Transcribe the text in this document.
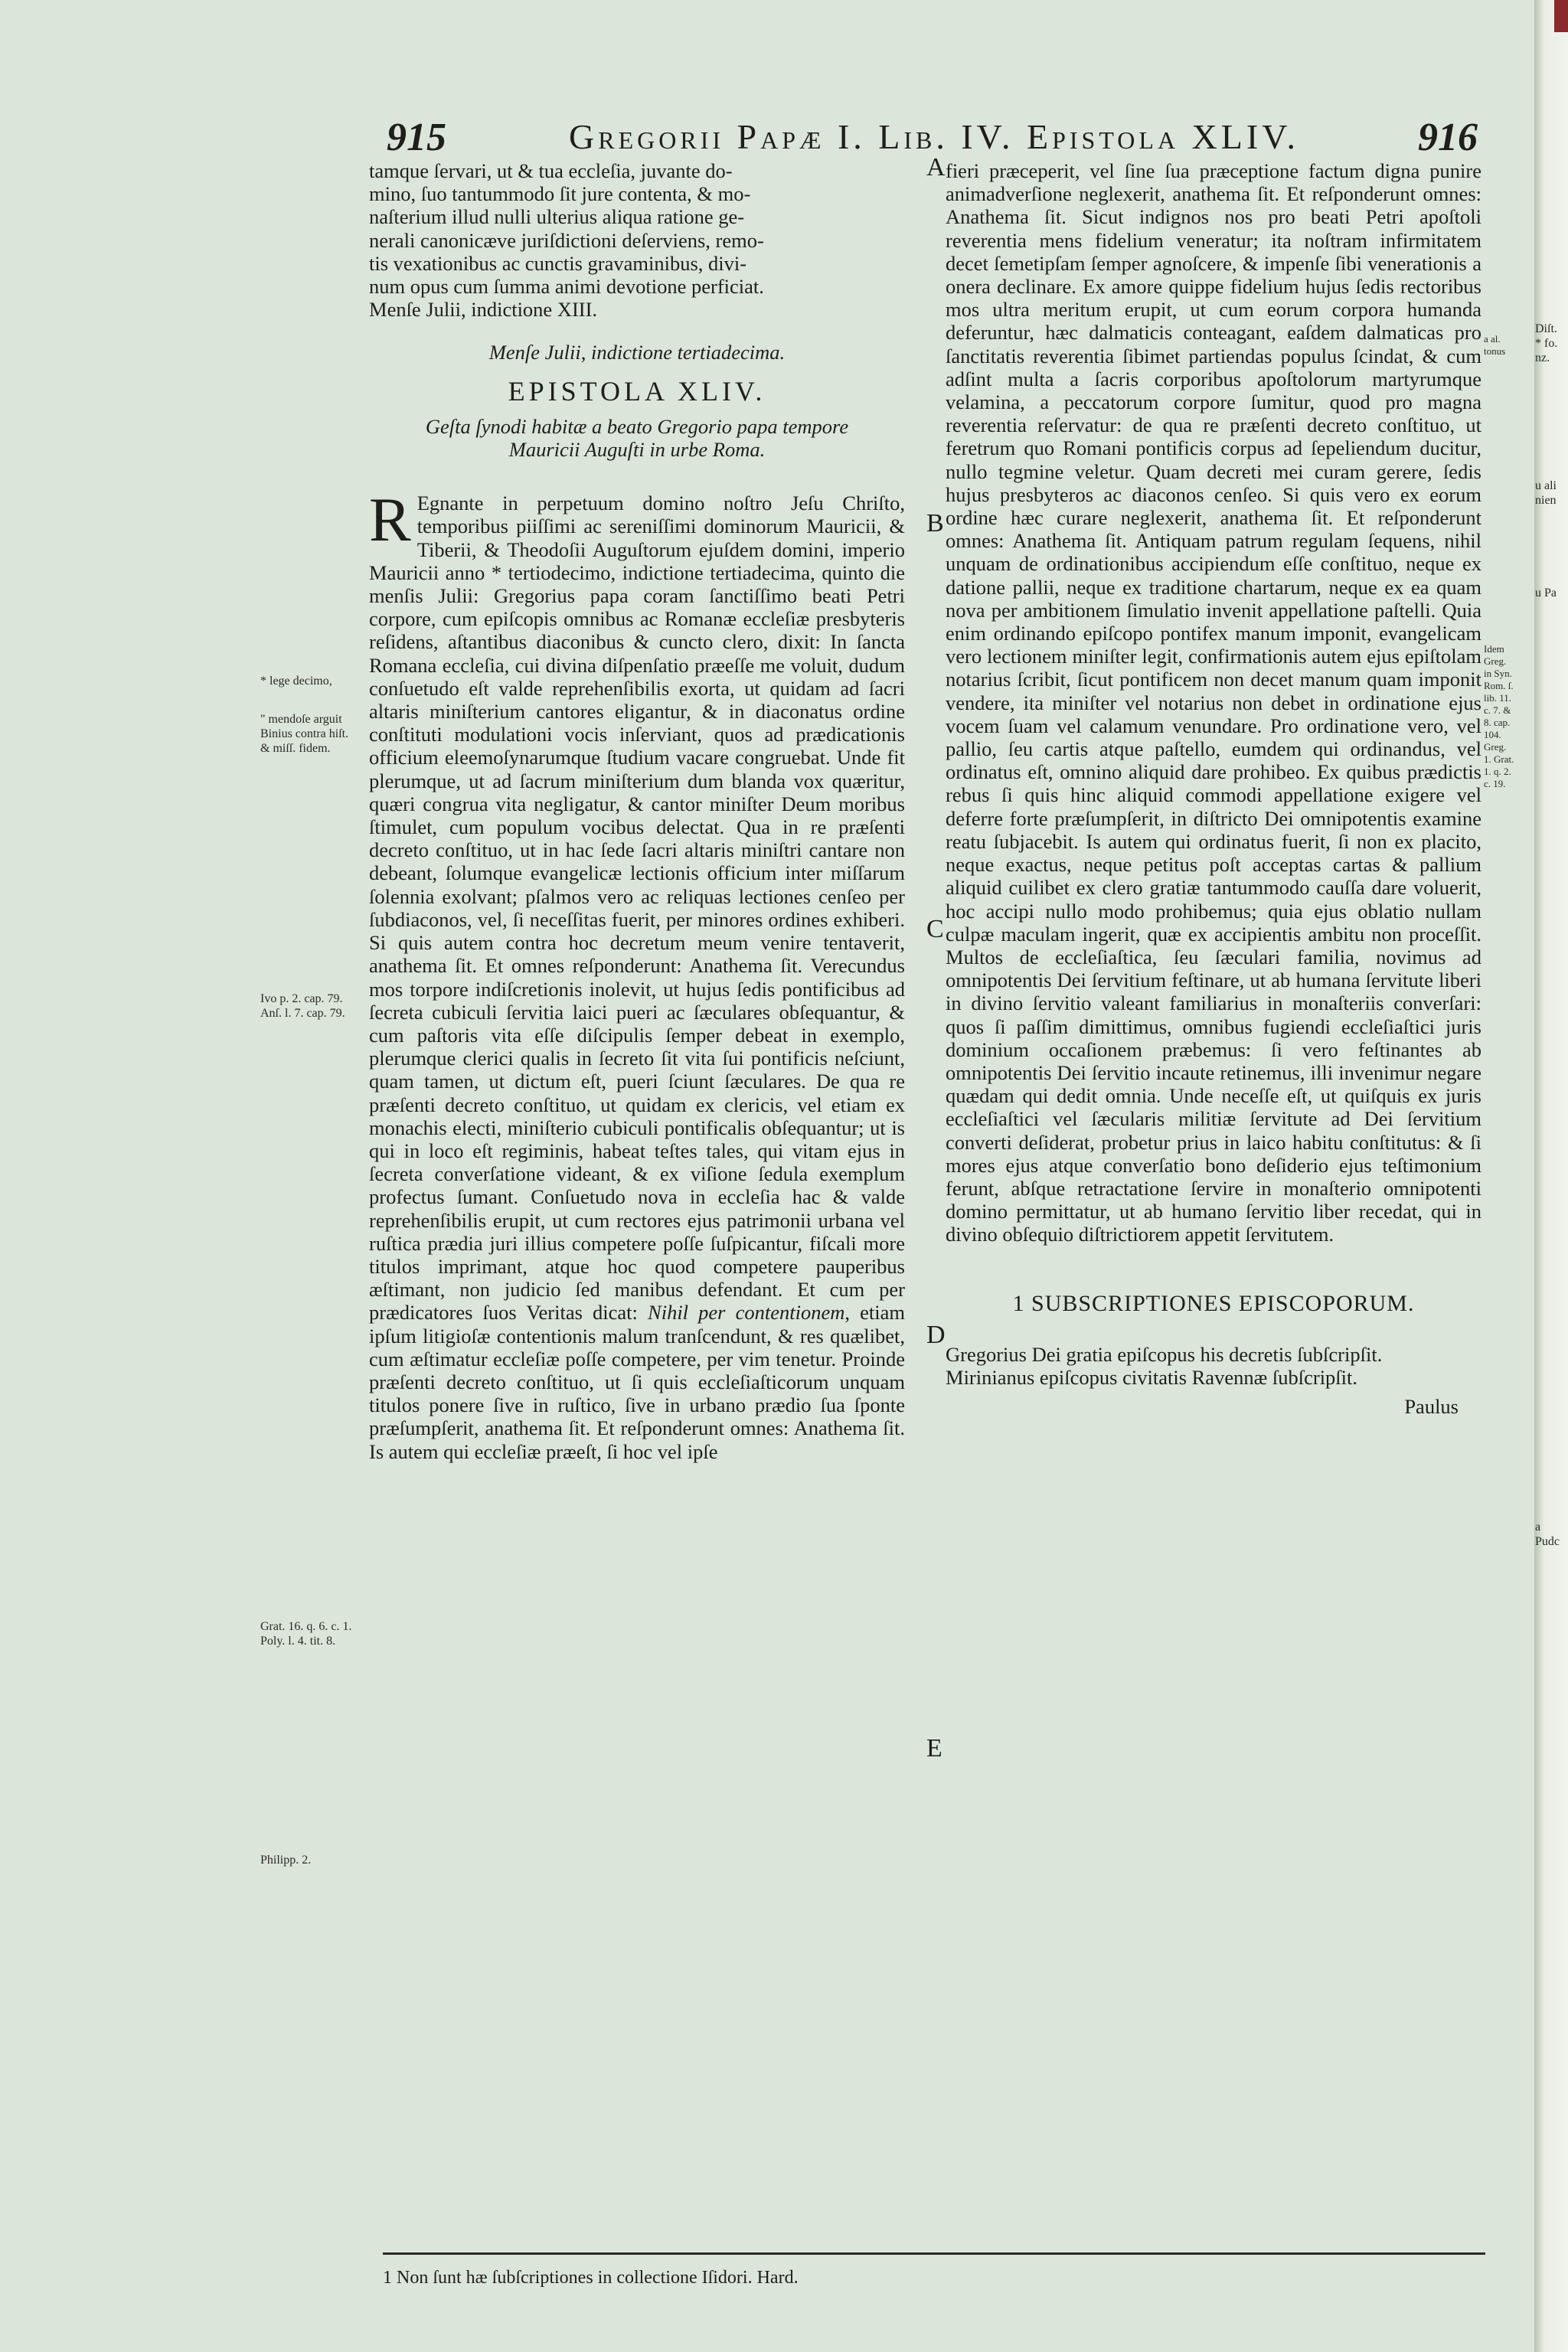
915	Gregorii Papæ I. Lib. IV. Epistola XLIV.	916

tamque ſervari, ut & tua eccleſia, juvante do-

mino, ſuo tantummodo ſit jure contenta, & mo-

naſterium illud nulli ulterius aliqua ratione ge-

nerali canonicæve juriſdictioni deſerviens, remo-

tis vexationibus ac cunctis gravaminibus, divi-

num opus cum ſumma animi devotione perficiat.

Menſe Julii, indictione XIII.

Menſe Julii, indictione tertiadecima.

EPISTOLA XLIV.

Geſta ſynodi habitæ a beato Gregorio papa tempore
Mauricii Auguſti in urbe Roma.

R Egnante in perpetuum domino noſtro Jeſu Chriſto, temporibus piiſſimi ac sereniſſimi dominorum Mauricii, & Tiberii, & Theodoſii Auguſtorum ejuſdem domini, imperio Mauricii anno * tertiodecimo, indictione tertiadecima, quinto die menſis Julii: Gregorius papa coram ſanctiſſimo beati Petri corpore, cum epiſcopis omnibus ac Romanæ eccleſiæ presbyteris reſidens, aſtantibus diaconibus & cuncto clero, dixit: In ſancta Romana eccleſia, cui divina diſpenſatio præeſſe me voluit, dudum conſuetudo eſt valde reprehenſibilis exorta, ut quidam ad ſacri altaris miniſterium cantores eligantur, & in diaconatus ordine conſtituti modulationi vocis inſerviant, quos ad prædicationis officium eleemoſynarumque ſtudium vacare congruebat. Unde fit plerumque, ut ad ſacrum miniſterium dum blanda vox quæritur, quæri congrua vita negligatur, & cantor miniſter Deum moribus ſtimulet, cum populum vocibus delectat. Qua in re præſenti decreto conſtituo, ut in hac ſede ſacri altaris miniſtri cantare non debeant, ſolumque evangelicæ lectionis officium inter miſſarum ſolennia exolvant; pſalmos vero ac reliquas lectiones cenſeo per ſubdiaconos, vel, ſi neceſſitas fuerit, per minores ordines exhiberi. Si quis autem contra hoc decretum meum venire tentaverit, anathema ſit. Et omnes reſponderunt: Anathema ſit. Verecundus mos torpore indiſcretionis inolevit, ut hujus ſedis pontificibus ad ſecreta cubiculi ſervitia laici pueri ac ſæculares obſequantur, & cum paſtoris vita eſſe diſcipulis ſemper debeat in exemplo, plerumque clerici qualis in ſecreto ſit vita ſui pontificis neſciunt, quam tamen, ut dictum eſt, pueri ſciunt ſæculares. De qua re præſenti decreto conſtituo, ut quidam ex clericis, vel etiam ex monachis electi, miniſterio cubiculi pontificalis obſequantur; ut is qui in loco eſt regiminis, habeat teſtes tales, qui vitam ejus in ſecreta converſatione videant, & ex viſione ſedula exemplum profectus ſumant. Conſuetudo nova in eccleſia hac & valde reprehenſibilis erupit, ut cum rectores ejus patrimonii urbana vel ruſtica prædia juri illius competere poſſe ſuſpicantur, fiſcali more titulos imprimant, atque hoc quod competere pauperibus æſtimant, non judicio ſed manibus defendant. Et cum per prædicatores ſuos Veritas dicat: Nihil per contentionem, etiam ipſum litigioſæ contentionis malum tranſcendunt, & res quælibet, cum æſtimatur eccleſiæ poſſe competere, per vim tenetur. Proinde præſenti decreto conſtituo, ut ſi quis eccleſiaſticorum unquam titulos ponere ſive in ruſtico, ſive in urbano prædio ſua ſponte præſumpſerit, anathema ſit. Et reſponderunt omnes: Anathema ſit. Is autem qui eccleſiæ præeſt, ſi hoc vel ipſe

* lege decimo,
" mendoſe arguit Binius contra hiſt. & miſſ. fidem.
Ivo p. 2. cap. 79. Anſ. l. 7. cap. 79.
Grat. 16. q. 6. c. 1. Poly. l. 4. tit. 8.
Philipp. 2.
A
B
C
D
E

fieri præceperit, vel ſine ſua præceptione factum digna punire animadverſione neglexerit, anathema ſit. Et reſponderunt omnes: Anathema ſit. Sicut indignos nos pro beati Petri apoſtoli reverentia mens fidelium veneratur; ita noſtram infirmitatem decet ſemetipſam ſemper agnoſcere, & impenſe ſibi venerationis a onera declinare. Ex amore quippe fidelium hujus ſedis rectoribus mos ultra meritum erupit, ut cum eorum corpora humanda deferuntur, hæc dalmaticis conteagant, eaſdem dalmaticas pro ſanctitatis reverentia ſibimet partiendas populus ſcindat, & cum adſint multa a ſacris corporibus apoſtolorum martyrumque velamina, a peccatorum corpore ſumitur, quod pro magna reverentia reſervatur: de qua re præſenti decreto conſtituo, ut feretrum quo Romani pontificis corpus ad ſepeliendum ducitur, nullo tegmine veletur. Quam decreti mei curam gerere, ſedis hujus presbyteros ac diaconos cenſeo. Si quis vero ex eorum ordine hæc curare neglexerit, anathema ſit. Et reſponderunt omnes: Anathema ſit. Antiquam patrum regulam ſequens, nihil unquam de ordinationibus accipiendum eſſe conſtituo, neque ex datione pallii, neque ex traditione chartarum, neque ex ea quam nova per ambitionem ſimulatio invenit appellatione paſtelli. Quia enim ordinando epiſcopo pontifex manum imponit, evangelicam vero lectionem miniſter legit, confirmationis autem ejus epiſtolam notarius ſcribit, ſicut pontificem non decet manum quam imponit vendere, ita miniſter vel notarius non debet in ordinatione ejus vocem ſuam vel calamum venundare. Pro ordinatione vero, vel pallio, ſeu cartis atque paſtello, eumdem qui ordinandus, vel ordinatus eſt, omnino aliquid dare prohibeo. Ex quibus prædictis rebus ſi quis hinc aliquid commodi appellatione exigere vel deferre forte præſumpſerit, in diſtricto Dei omnipotentis examine reatu ſubjacebit. Is autem qui ordinatus fuerit, ſi non ex placito, neque exactus, neque petitus poſt acceptas cartas & pallium aliquid cuilibet ex clero gratiæ tantummodo cauſſa dare voluerit, hoc accipi nullo modo prohibemus; quia ejus oblatio nullam culpæ maculam ingerit, quæ ex accipientis ambitu non proceſſit. Multos de eccleſiaſtica, ſeu ſæculari familia, novimus ad omnipotentis Dei ſervitium feſtinare, ut ab humana ſervitute liberi in divino ſervitio valeant familiarius in monaſteriis converſari: quos ſi paſſim dimittimus, omnibus fugiendi eccleſiaſtici juris dominium occaſionem præbemus: ſi vero feſtinantes ab omnipotentis Dei ſervitio incaute retinemus, illi invenimur negare quædam qui dedit omnia. Unde neceſſe eſt, ut quiſquis ex juris eccleſiaſtici vel ſæcularis militiæ ſervitute ad Dei ſervitium converti deſiderat, probetur prius in laico habitu conſtitutus: & ſi mores ejus atque converſatio bono deſiderio ejus teſtimonium ferunt, abſque retractatione ſervire in monaſterio omnipotenti domino permittatur, ut ab humano ſervitio liber recedat, qui in divino obſequio diſtrictiorem appetit ſervitutem.

1 SUBSCRIPTIONES EPISCOPORUM.

Gregorius Dei gratia epiſcopus his decretis ſubſcripſit.

Mirinianus epiſcopus civitatis Ravennæ ſubſcripſit.

Paulus

a al. tonus
Idem Greg. in Syn. Rom. ſ. lib. 11. c. 7. & 8. cap. 104. Greg. 1. Grat. 1. q. 2. c. 19.
Diſt. * fo. nz.
u ali nien
u Pa
a Pudc
1 Non ſunt hæ ſubſcriptiones in collectione Iſidori. Hard.
